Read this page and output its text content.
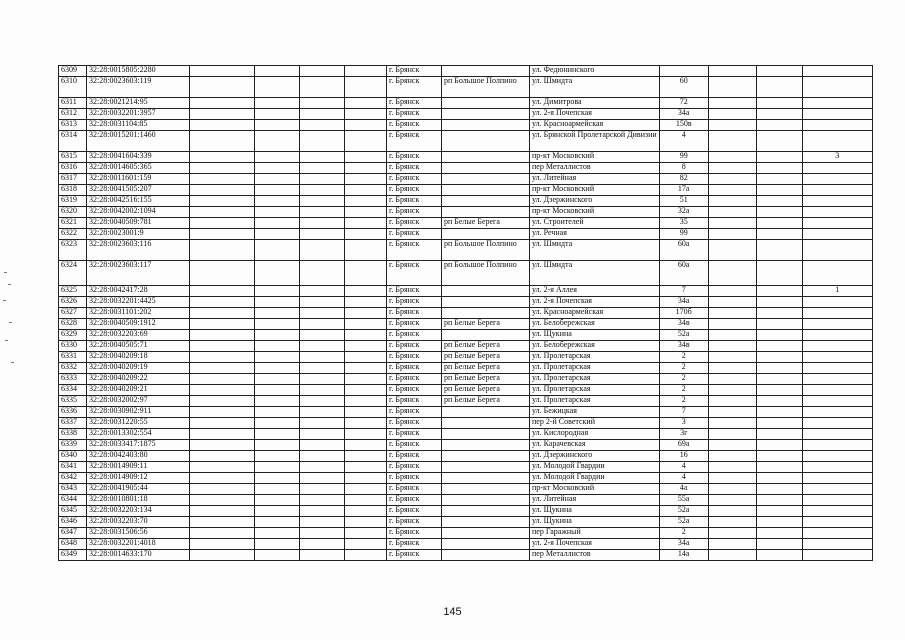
6309	32:28:0015805:2280					г. Брянск		ул. Федюнинского				
6310	32:28:0023603:119					г. Брянск	рп Большое Полпино	ул. Шмидта	60			
6311	32:28:0021214:95					г. Брянск		ул. Димитрова	72			
6312	32:28:0032201:3957					г. Брянск		ул. 2-я Почепская	34а			
6313	32:28:0031104:85					г. Брянск		ул. Красноармейская	150в			
6314	32:28:0015201:1460					г. Брянск		ул. Брянской Пролетарской Дивизии	4			
6315	32:28:0041604:339					г. Брянск		пр-кт Московский	99			3
6316	32:28:0014605:365					г. Брянск		пер Металлистов	8			
6317	32:28:0011601:159					г. Брянск		ул. Литейная	82			
6318	32:28:0041505:207					г. Брянск		пр-кт Московский	17а			
6319	32:28:0042516:155					г. Брянск		ул. Дзержинского	51			
6320	32:28:0042002:1094					г. Брянск		пр-кт Московский	32а			
6321	32:28:0040509:781					г. Брянск	рп Белые Берега	ул. Строителей	35			
6322	32:28:0023001:9					г. Брянск		ул. Речная	99			
6323	32:28:0023603:116					г. Брянск	рп Большое Полпино	ул. Шмидта	60а			
6324	32:28:0023603:117					г. Брянск	рп Большое Полпино	ул. Шмидта	60а			
6325	32:28:0042417:28					г. Брянск		ул. 2-я Аллея	7			1
6326	32:28:0032201:4425					г. Брянск		ул. 2-я Почепская	34а			
6327	32:28:0031101:202					г. Брянск		ул. Красноармейская	170б			
6328	32:28:0040509:1912					г. Брянск	рп Белые Берега	ул. Белобережская	34в			
6329	32:28:0032203:69					г. Брянск		ул. Щукина	52а			
6330	32:28:0040505:71					г. Брянск	рп Белые Берега	ул. Белобережская	34в			
6331	32:28:0040209:18					г. Брянск	рп Белые Берега	ул. Пролетарская	2			
6332	32:28:0040209:19					г. Брянск	рп Белые Берега	ул. Пролетарская	2			
6333	32:28:0040209:22					г. Брянск	рп Белые Берега	ул. Пролетарская	2			
6334	32:28:0040209:21					г. Брянск	рп Белые Берега	ул. Пролетарская	2			
6335	32:28:0032002:97					г. Брянск	рп Белые Берега	ул. Пролетарская	2			
6336	32:28:0030902:911					г. Брянск		ул. Бежицкая	7			
6337	32:28:0031220:55					г. Брянск		пер 2-й Советский	3			
6338	32:28:0013302:554					г. Брянск		ул. Кислородная	3г			
6339	32:28:0033417:1875					г. Брянск		ул. Карачевская	69а			
6340	32:28:0042403:80					г. Брянск		ул. Дзержинского	16			
6341	32:28:0014909:11					г. Брянск		ул. Молодой Гвардии	4			
6342	32:28:0014909:12					г. Брянск		ул. Молодой Гвардии	4			
6343	32:28:0041905:44					г. Брянск		пр-кт Московский	4а			
6344	32:28:0010801:18					г. Брянск		ул. Литейная	55а			
6345	32:28:0032203:134					г. Брянск		ул. Щукина	52а			
6346	32:28:0032203:70					г. Брянск		ул. Щукина	52а			
6347	32:28:0031506:56					г. Брянск		пер Гаражный	2			
6348	32:28:0032201:4018					г. Брянск		ул. 2-я Почепская	34а			
6349	32:28:0014633:170					г. Брянск		пер Металлистов	14а			
145
